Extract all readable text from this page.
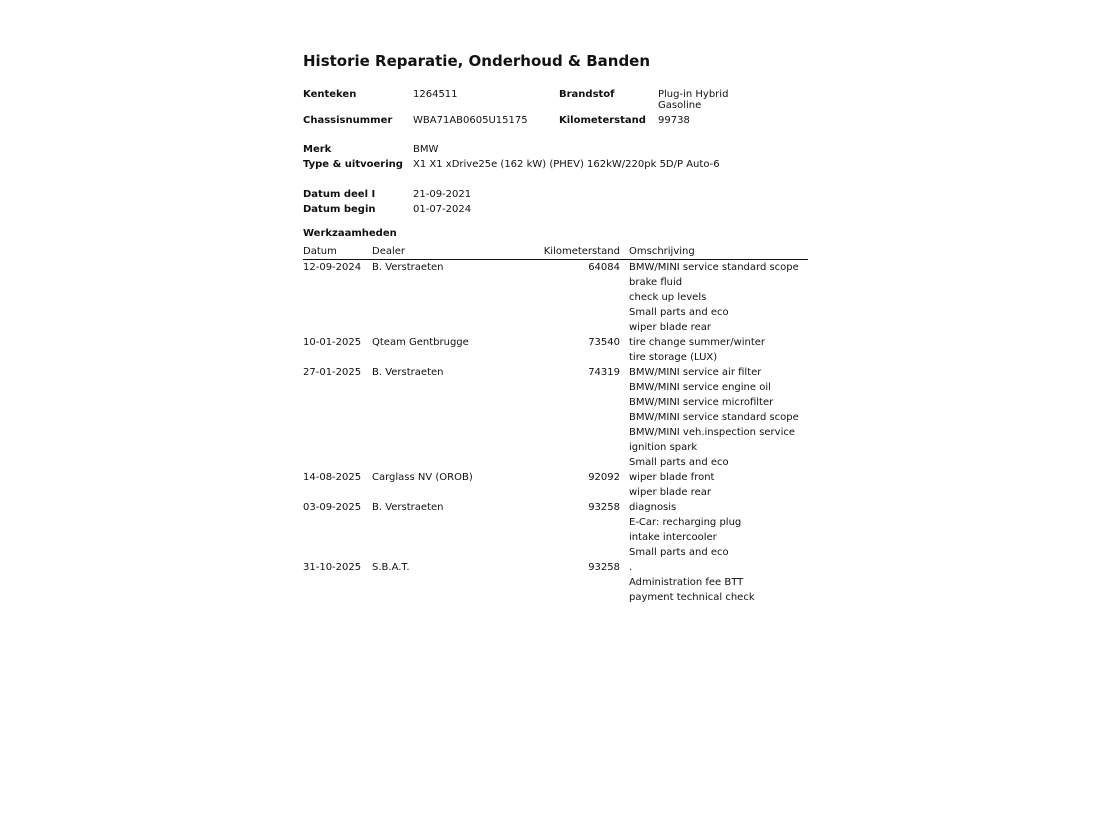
Historie Reparatie, Onderhoud & Banden
Kenteken	1264511	Brandstof	Plug-in Hybrid
Gasoline
Chassisnummer WBA71AB0605U15175	Kilometerstand 99738
Merk	BMW
Type & uitvoering X1 X1 xDrive25e (162 kW) (PHEV) 162kW/220pk 5D/P Auto-6
Datum deel I	21-09-2021
Datum begin	01-07-2024
Werkzaamheden
Datum	Dealer	Kilometerstand Omschrijving
12-09-2024 B. Verstraeten	64084 BMW/MINI service standard scope
brake fluid
check up levels
Small parts and eco
wiper blade rear
10-01-2025 Qteam Gentbrugge	73540 tire change summer/winter
tire storage (LUX)
27-01-2025 B. Verstraeten	74319 BMW/MINI service air filter
BMW/MINI service engine oil
BMW/MINI service microfilter
BMW/MINI service standard scope
BMW/MINI veh.inspection service
ignition spark
Small parts and eco
14-08-2025 Carglass NV (OROB)	92092 wiper blade front
wiper blade rear
03-09-2025 B. Verstraeten	93258 diagnosis
E-Car: recharging plug
intake intercooler
Small parts and eco
31-10-2025 S.B.A.T.	93258 .
Administration fee BTT
payment technical check
